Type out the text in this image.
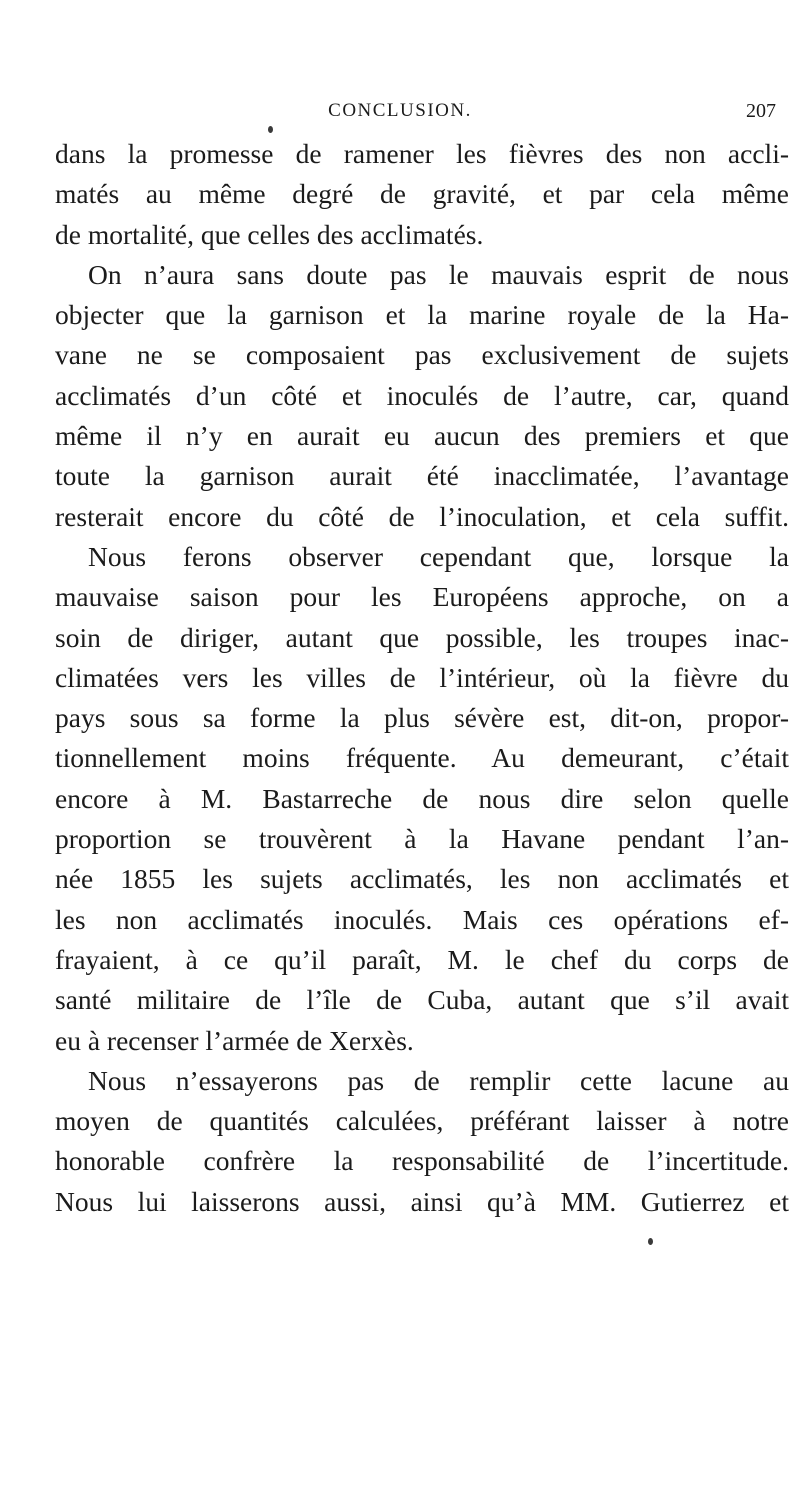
CONCLUSION.	207
dans la promesse de ramener les fièvres des non accli-
matés au même degré de gravité, et par cela même
de mortalité, que celles des acclimatés.
On n’aura sans doute pas le mauvais esprit de nous
objecter que la garnison et la marine royale de la Ha-
vane ne se composaient pas exclusivement de sujets
acclimatés d’un côté et inoculés de l’autre, car, quand
même il n’y en aurait eu aucun des premiers et que
toute la garnison aurait été inacclimatée, l’avantage
resterait encore du côté de l’inoculation, et cela suffit.
Nous ferons observer cependant que, lorsque la
mauvaise saison pour les Européens approche, on a
soin de diriger, autant que possible, les troupes inac-
climatées vers les villes de l’intérieur, où la fièvre du
pays sous sa forme la plus sévère est, dit-on, propor-
tionnellement moins fréquente. Au demeurant, c’était
encore à M. Bastarreche de nous dire selon quelle
proportion se trouvèrent à la Havane pendant l’an-
née 1855 les sujets acclimatés, les non acclimatés et
les non acclimatés inoculés. Mais ces opérations ef-
frayaient, à ce qu’il paraît, M. le chef du corps de
santé militaire de l’île de Cuba, autant que s’il avait
eu à recenser l’armée de Xerxès.
Nous n’essayerons pas de remplir cette lacune au
moyen de quantités calculées, préférant laisser à notre
honorable confrère la responsabilité de l’incertitude.
Nous lui laisserons aussi, ainsi qu’à MM. Gutierrez et
